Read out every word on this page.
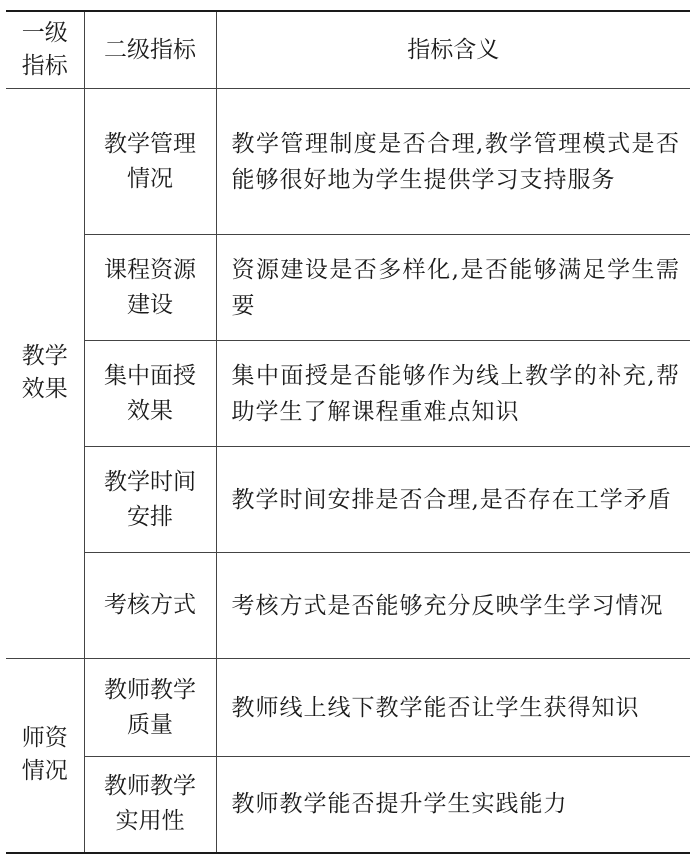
一级指标	二级指标	指标含义
教学效果	教学管理情况	教学管理制度是否合理,教学管理模式是否能够很好地为学生提供学习支持服务
	课程资源建设	资源建设是否多样化,是否能够满足学生需要
	集中面授效果	集中面授是否能够作为线上教学的补充,帮助学生了解课程重难点知识
	教学时间安排	教学时间安排是否合理,是否存在工学矛盾
	考核方式	考核方式是否能够充分反映学生学习情况
师资情况	教师教学质量	教师线上线下教学能否让学生获得知识
	教师教学实用性	教师教学能否提升学生实践能力
